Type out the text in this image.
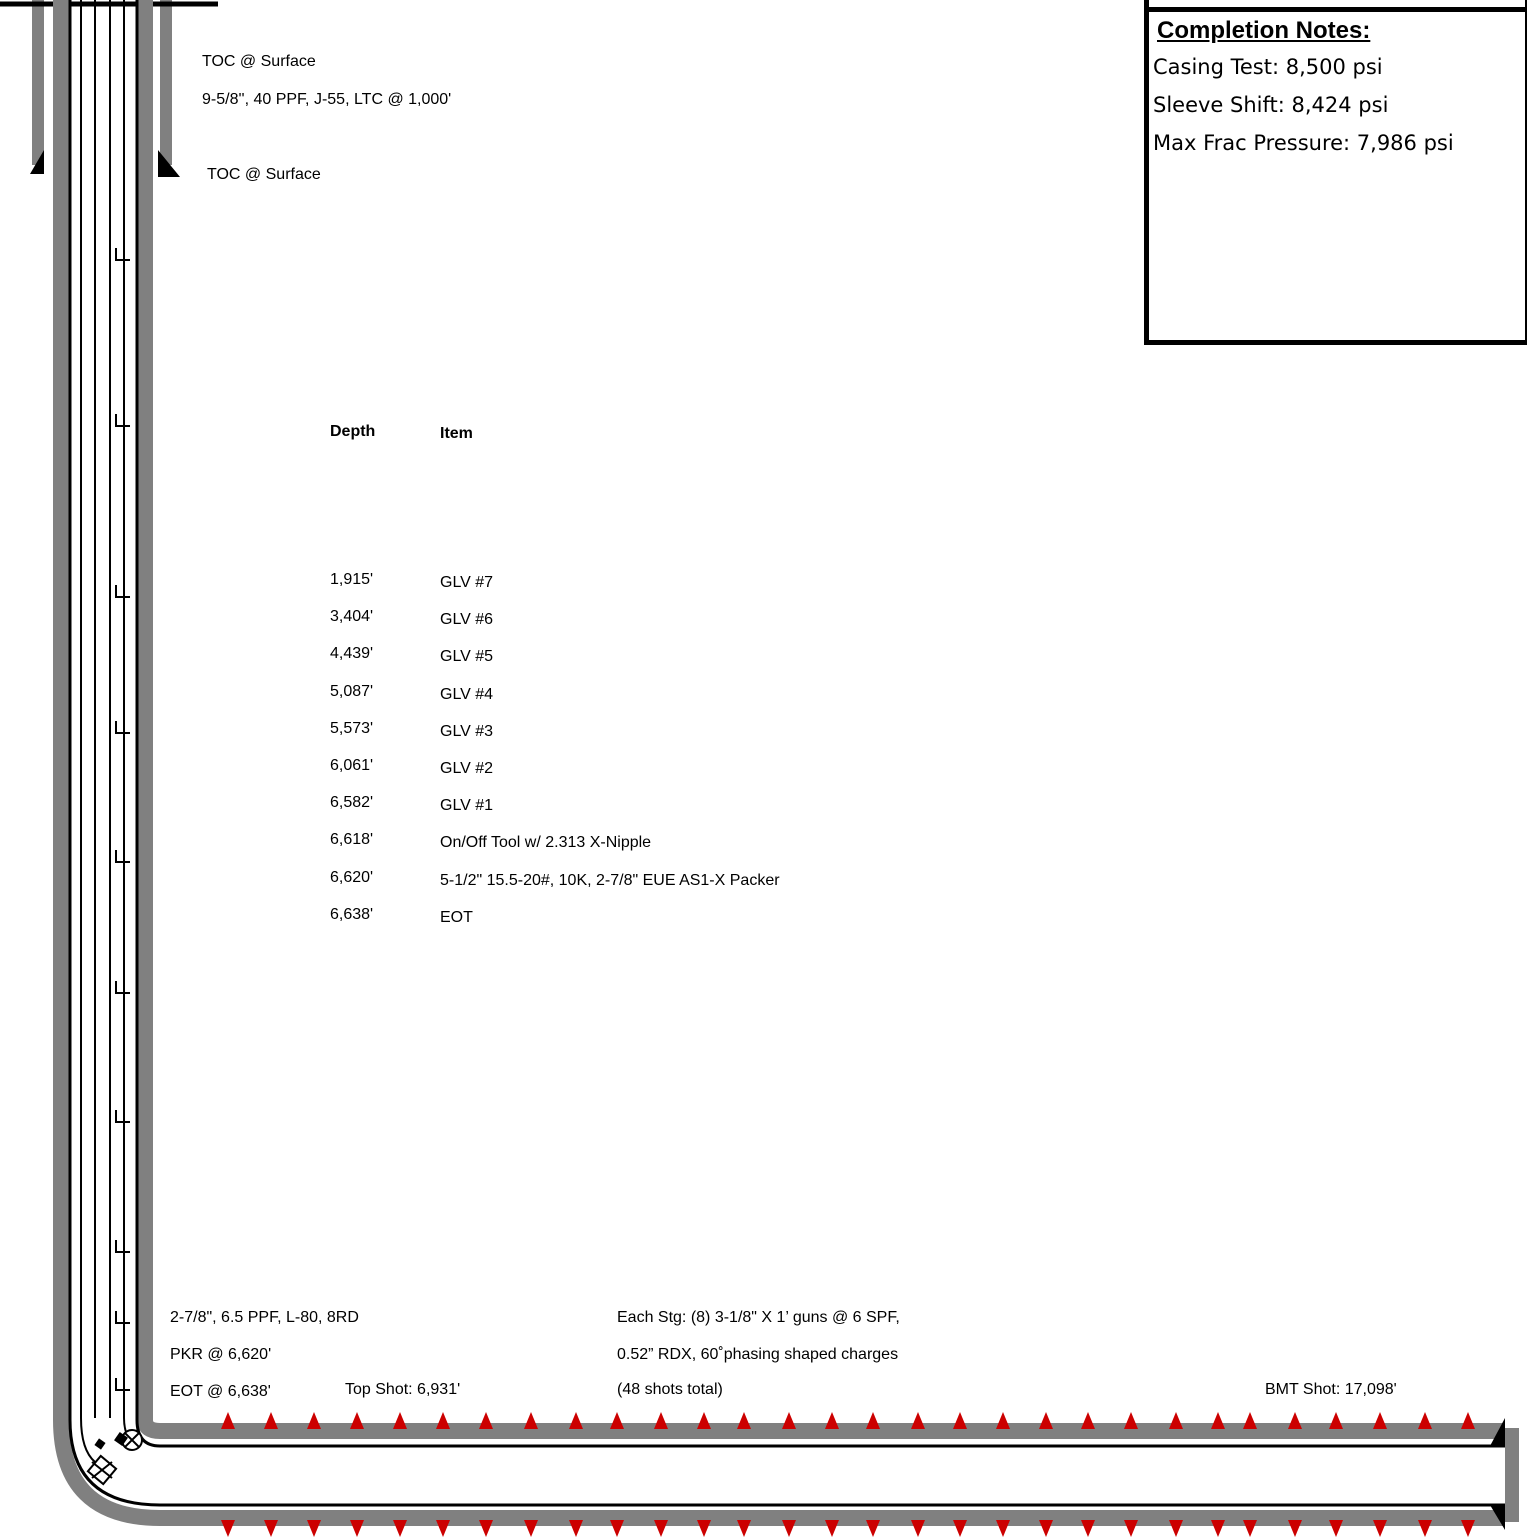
TOC @ Surface
9-5/8'', 40 PPF, J-55, LTC @ 1,000'
TOC @ Surface
Depth	Item
1,915'	GLV #7
3,404'	GLV #6
4,439'	GLV #5
5,087'	GLV #4
5,573'	GLV #3
6,061'	GLV #2
6,582'	GLV #1
6,618'	On/Off Tool w/ 2.313 X-Nipple
6,620'	5-1/2" 15.5-20#, 10K, 2-7/8" EUE AS1-X Packer
6,638'	EOT
2-7/8", 6.5 PPF, L-80, 8RD
PKR @ 6,620'
EOT @ 6,638'	Top Shot: 6,931'
Each Stg: (8) 3-1/8" X 1’ guns @ 6 SPF,
0.52” RDX, 60˚phasing shaped charges
(48 shots total)	BMT Shot: 17,098'
Completion Notes:
Casing Test: 8,500 psi
Sleeve Shift: 8,424 psi
Max Frac Pressure: 7,986 psi
